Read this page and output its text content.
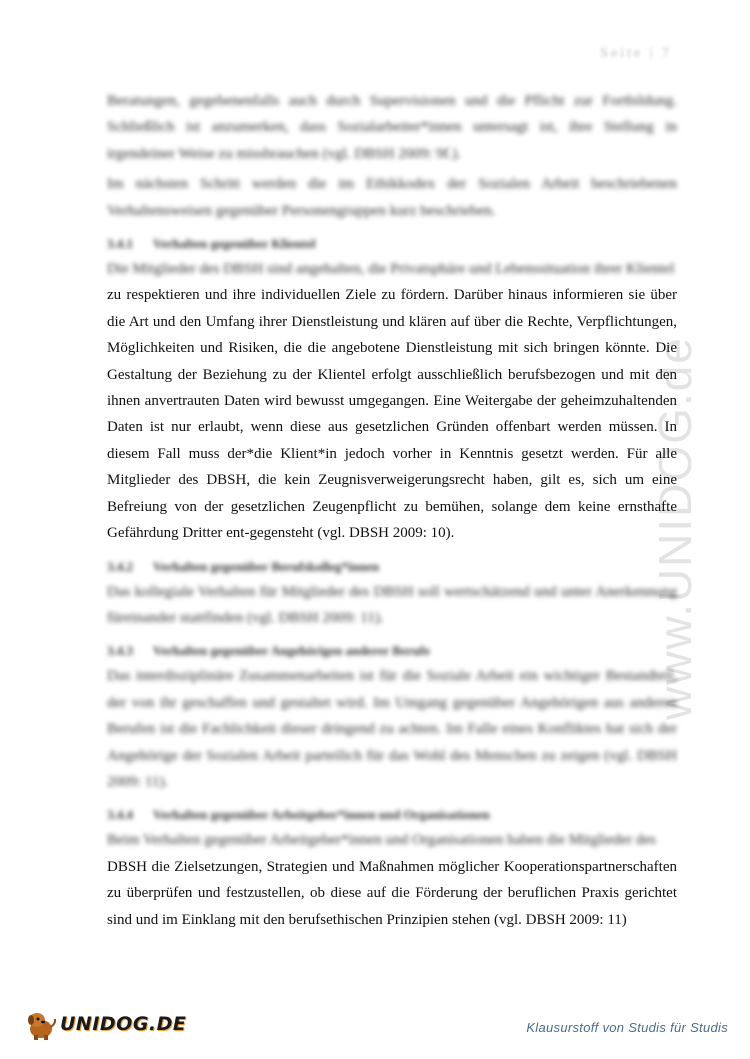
Seite | 7
www.UNIDOG.de

Beratungen, gegebenenfalls auch durch Supervisionen und die Pflicht zur Fortbildung. Schließlich ist anzumerken, dass Sozialarbeiter*innen untersagt ist, ihre Stellung in irgendeiner Weise zu missbrauchen (vgl. DBSH 2009: 9f.).

Im nächsten Schritt werden die im Ethikkodex der Sozialen Arbeit beschriebenen Verhaltensweisen gegenüber Personengruppen kurz beschrieben.

3.4.1 Verhalten gegenüber Klientel

Die Mitglieder des DBSH sind angehalten, die Privatsphäre und Lebenssituation ihrer Klientel

zu respektieren und ihre individuellen Ziele zu fördern. Darüber hinaus informieren sie über die Art und den Umfang ihrer Dienstleistung und klären auf über die Rechte, Verpflichtungen, Möglichkeiten und Risiken, die die angebotene Dienstleistung mit sich bringen könnte. Die Gestaltung der Beziehung zu der Klientel erfolgt ausschließlich berufsbezogen und mit den ihnen anvertrauten Daten wird bewusst umgegangen. Eine Weitergabe der geheimzuhaltenden Daten ist nur erlaubt, wenn diese aus gesetzlichen Gründen offenbart werden müssen. In diesem Fall muss der*die Klient*in jedoch vorher in Kenntnis gesetzt werden. Für alle Mitglieder des DBSH, die kein Zeugnisverweigerungsrecht haben, gilt es, sich um eine Befreiung von der gesetzlichen Zeugenpflicht zu bemühen, solange dem keine ernsthafte Gefährdung Dritter ent-gegensteht (vgl. DBSH 2009: 10).

3.4.2 Verhalten gegenüber Berufskolleg*innen

Das kollegiale Verhalten für Mitglieder des DBSH soll wertschätzend und unter Anerkennung füreinander stattfinden (vgl. DBSH 2009: 11).

3.4.3 Verhalten gegenüber Angehörigen anderer Berufe

Das interdisziplinäre Zusammenarbeiten ist für die Soziale Arbeit ein wichtiger Bestandteil, der von ihr geschaffen und gestaltet wird. Im Umgang gegenüber Angehörigen aus anderen Berufen ist die Fachlichkeit dieser dringend zu achten. Im Falle eines Konfliktes hat sich der Angehörige der Sozialen Arbeit parteilich für das Wohl des Menschen zu zeigen (vgl. DBSH 2009: 11).

3.4.4 Verhalten gegenüber Arbeitgeber*innen und Organisationen

Beim Verhalten gegenüber Arbeitgeber*innen und Organisationen haben die Mitglieder des

DBSH die Zielsetzungen, Strategien und Maßnahmen möglicher Kooperationspartnerschaften zu überprüfen und festzustellen, ob diese auf die Förderung der beruflichen Praxis gerichtet sind und im Einklang mit den berufsethischen Prinzipien stehen (vgl. DBSH 2009: 11)

UNIDOG.DE	Klausurstoff von Studis für Studis
